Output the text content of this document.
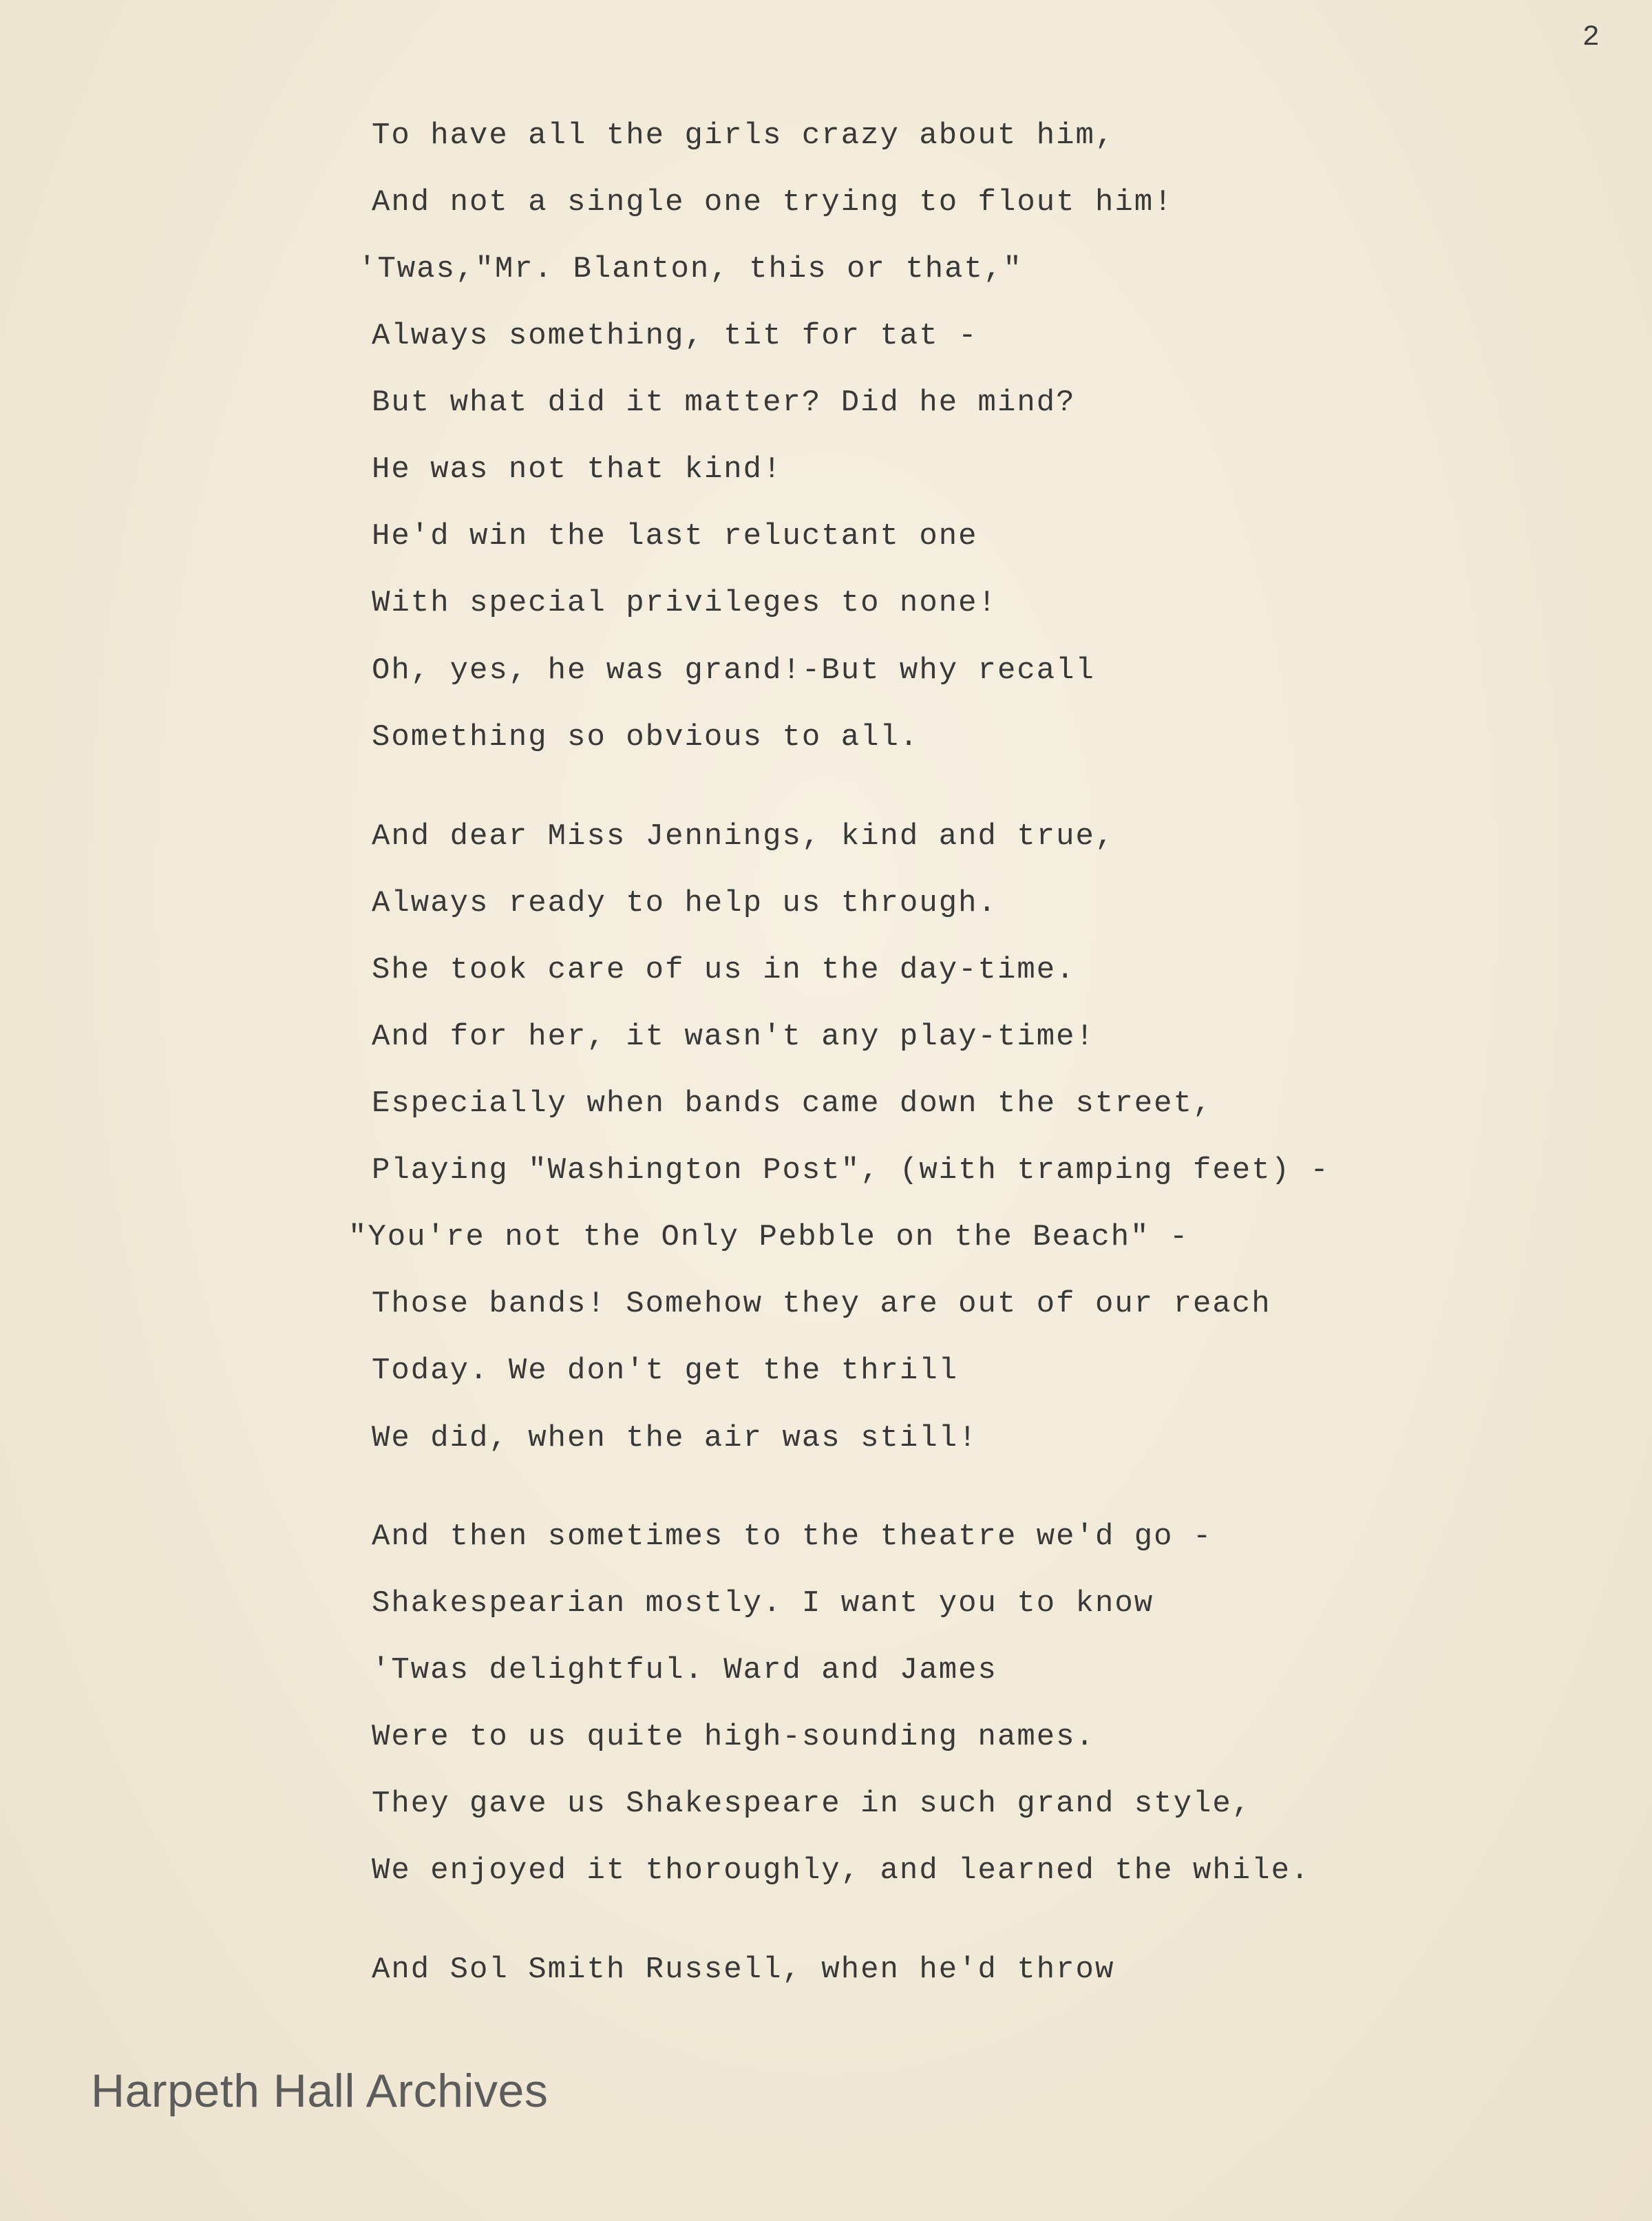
2
To have all the girls crazy about him,
And not a single one trying to flout him!
'Twas,"Mr. Blanton, this or that,"
Always something, tit for tat -
But what did it matter? Did he mind?
He was not that kind!
He'd win the last reluctant one
With special privileges to none!
Oh, yes, he was grand!-But why recall
Something so obvious to all.
And dear Miss Jennings, kind and true,
Always ready to help us through.
She took care of us in the day-time.
And for her, it wasn't any play-time!
Especially when bands came down the street,
Playing "Washington Post", (with tramping feet) -
"You're not the Only Pebble on the Beach" -
Those bands! Somehow they are out of our reach
Today. We don't get the thrill
We did, when the air was still!
And then sometimes to the theatre we'd go -
Shakespearian mostly. I want you to know
'Twas delightful. Ward and James
Were to us quite high-sounding names.
They gave us Shakespeare in such grand style,
We enjoyed it thoroughly, and learned the while.
And Sol Smith Russell, when he'd throw
Harpeth Hall Archives
